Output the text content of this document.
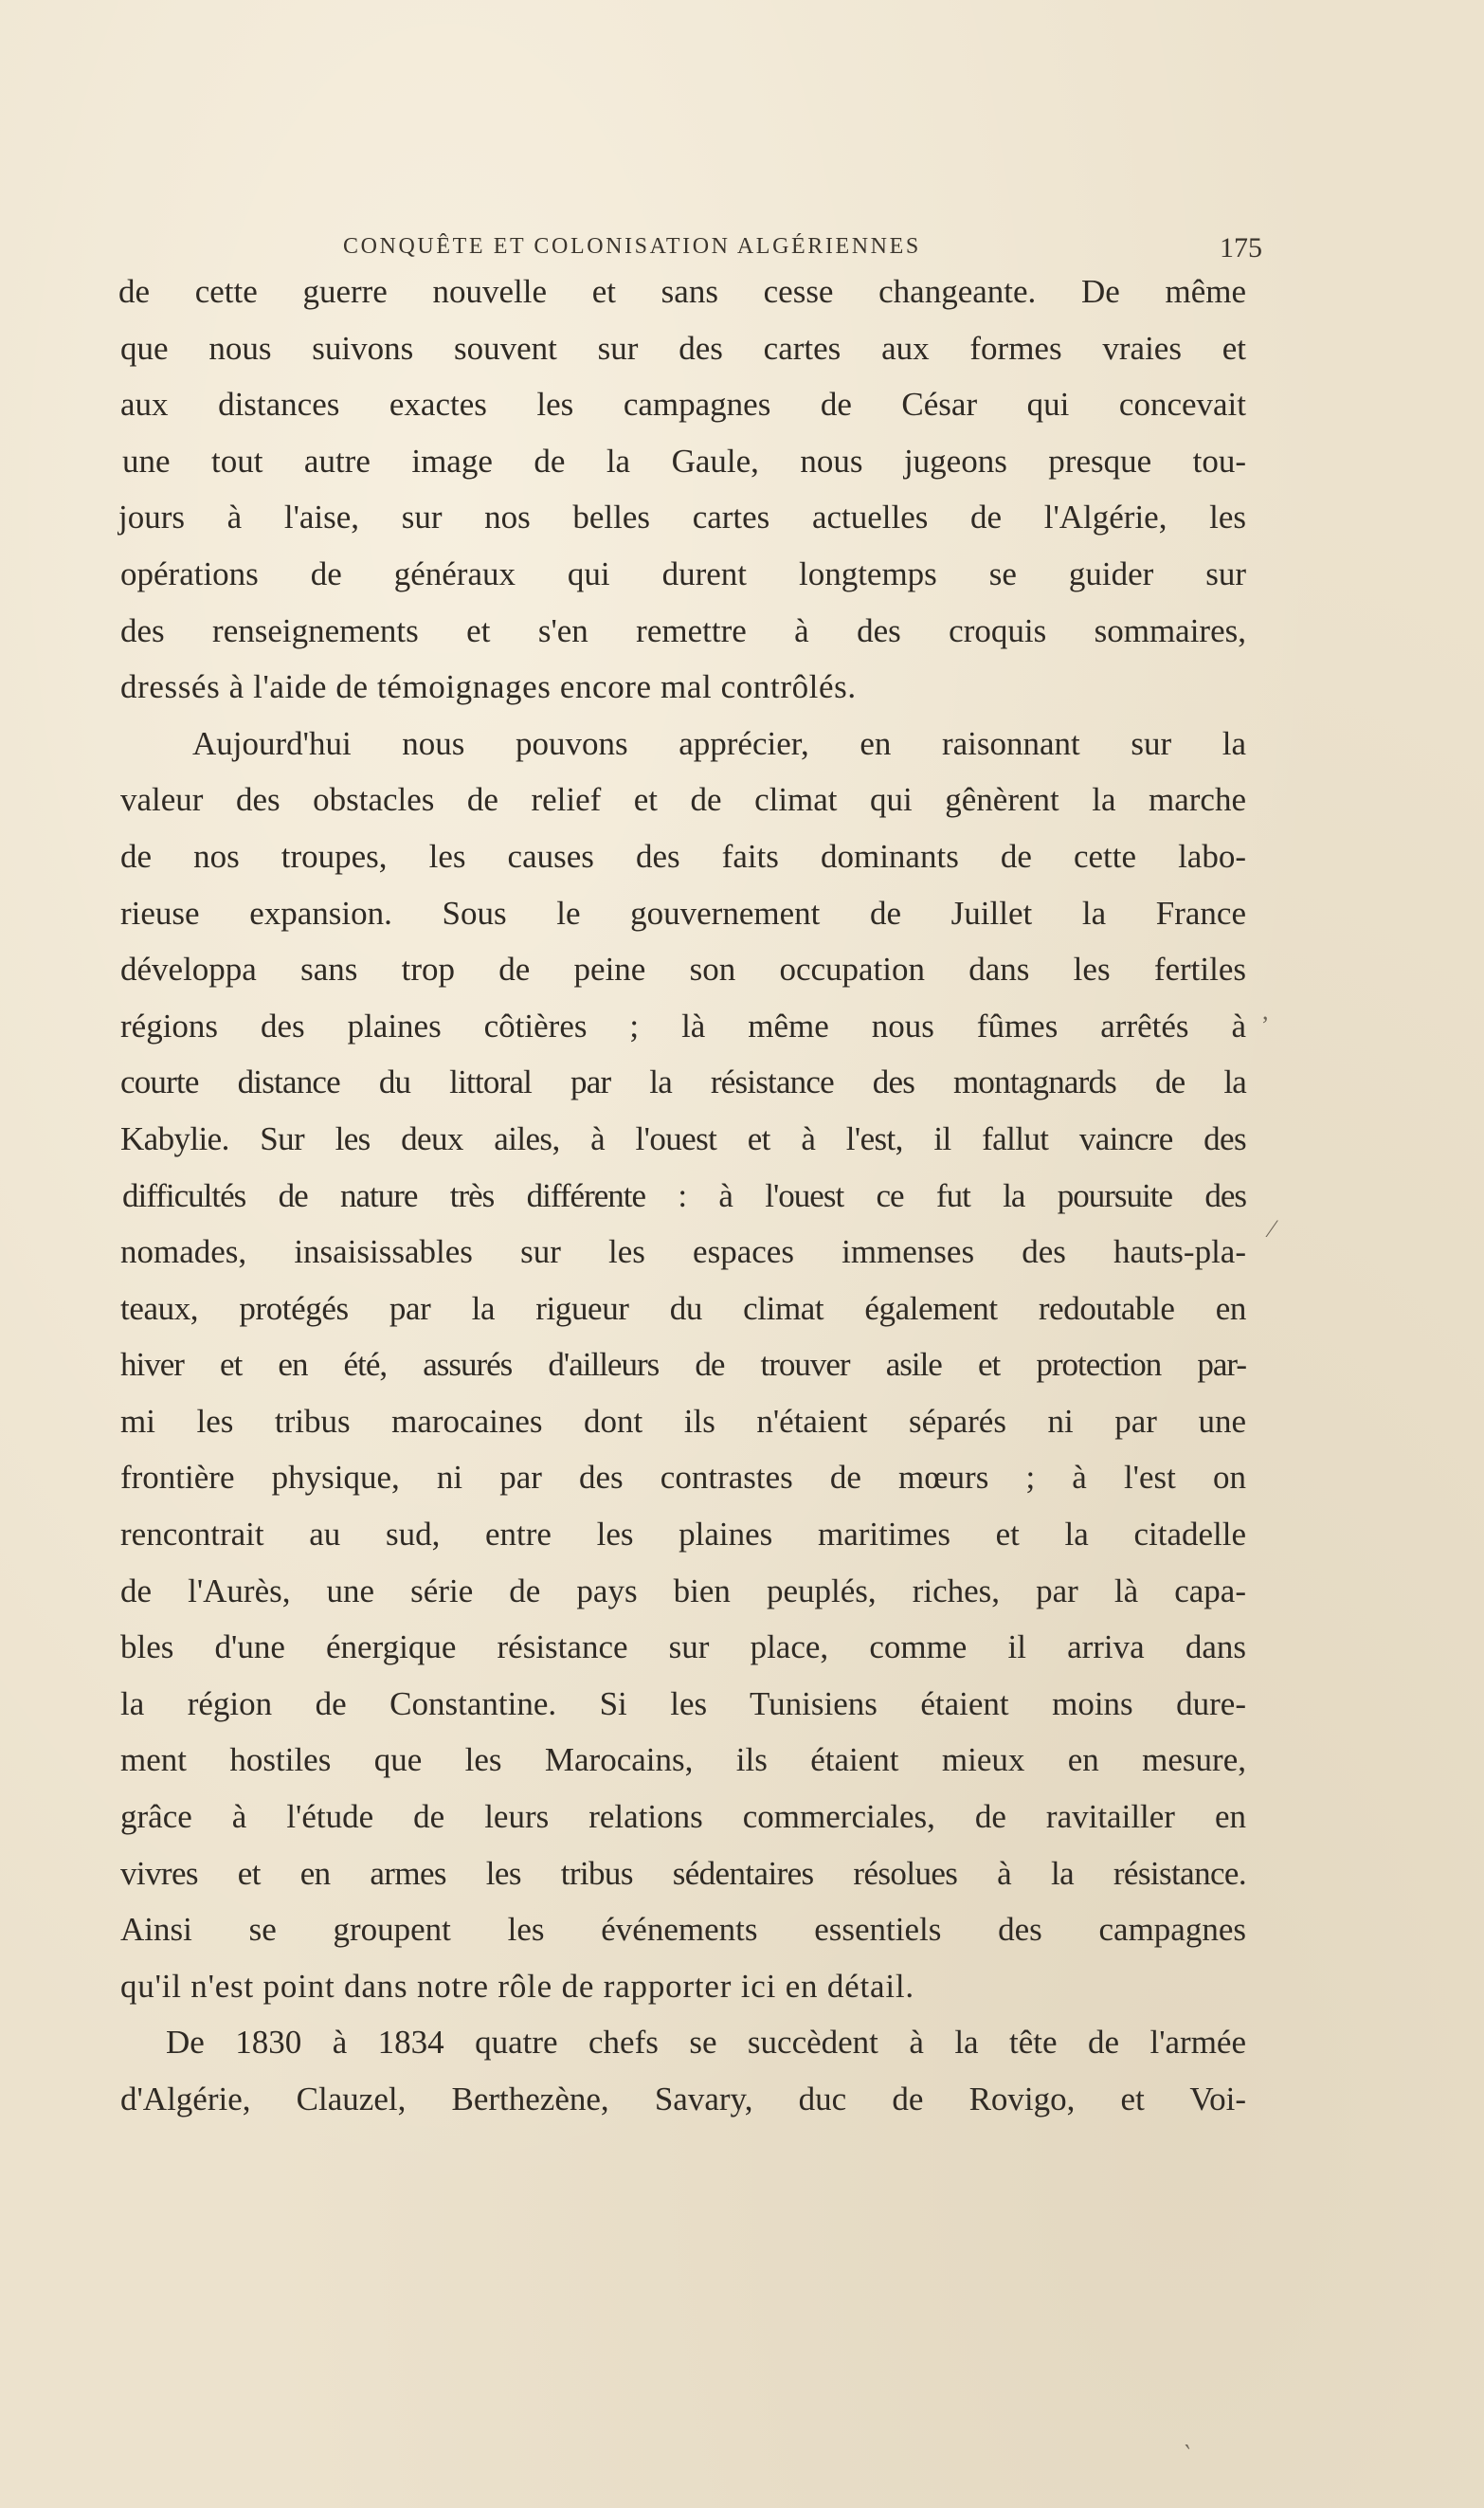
CONQUÊTE ET COLONISATION ALGÉRIENNES	175
de cette guerre nouvelle et sans cesse changeante. De même
que nous suivons souvent sur des cartes aux formes vraies et
aux distances exactes les campagnes de César qui concevait
une tout autre image de la Gaule, nous jugeons presque tou-
jours à l'aise, sur nos belles cartes actuelles de l'Algérie, les
opérations de généraux qui durent longtemps se guider sur
des renseignements et s'en remettre à des croquis sommaires,
dressés à l'aide de témoignages encore mal contrôlés.
Aujourd'hui nous pouvons apprécier, en raisonnant sur la
valeur des obstacles de relief et de climat qui gênèrent la marche
de nos troupes, les causes des faits dominants de cette labo-
rieuse expansion. Sous le gouvernement de Juillet la France
développa sans trop de peine son occupation dans les fertiles
régions des plaines côtières ; là même nous fûmes arrêtés à
courte distance du littoral par la résistance des montagnards de la
Kabylie. Sur les deux ailes, à l'ouest et à l'est, il fallut vaincre des
difficultés de nature très différente : à l'ouest ce fut la poursuite des
nomades, insaisissables sur les espaces immenses des hauts-pla-
teaux, protégés par la rigueur du climat également redoutable en
hiver et en été, assurés d'ailleurs de trouver asile et protection par-
mi les tribus marocaines dont ils n'étaient séparés ni par une
frontière physique, ni par des contrastes de mœurs ; à l'est on
rencontrait au sud, entre les plaines maritimes et la citadelle
de l'Aurès, une série de pays bien peuplés, riches, par là capa-
bles d'une énergique résistance sur place, comme il arriva dans
la région de Constantine. Si les Tunisiens étaient moins dure-
ment hostiles que les Marocains, ils étaient mieux en mesure,
grâce à l'étude de leurs relations commerciales, de ravitailler en
vivres et en armes les tribus sédentaires résolues à la résistance.
Ainsi se groupent les événements essentiels des campagnes
qu'il n'est point dans notre rôle de rapporter ici en détail.
De 1830 à 1834 quatre chefs se succèdent à la tête de l'armée
d'Algérie, Clauzel, Berthezène, Savary, duc de Rovigo, et Voi-
,
⁄
‵
